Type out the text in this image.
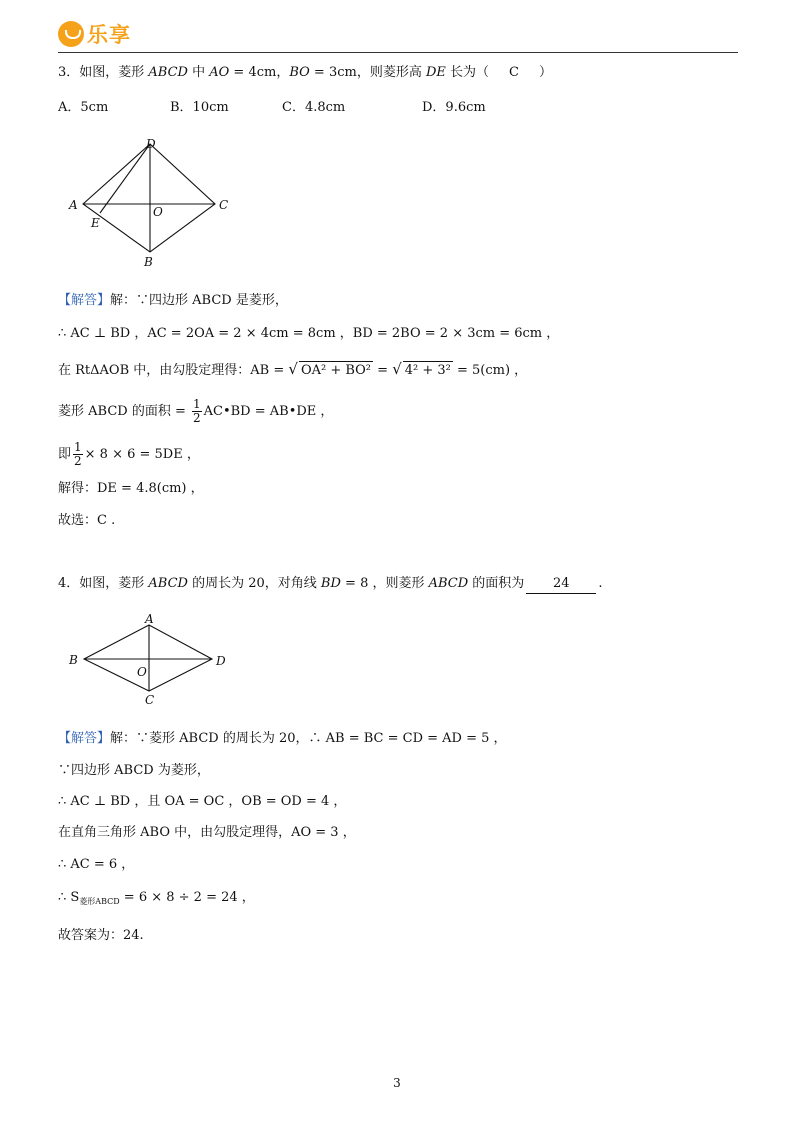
乐享
3．如图，菱形 ABCD 中 AO = 4cm，BO = 3cm，则菱形高 DE 长为（ C ）
A．5cm	B．10cm	C．4.8cm	D．9.6cm
D
A	C
E
O
B
【解答】解：∵四边形 ABCD 是菱形，
∴ AC ⊥ BD ，AC = 2OA = 2 × 4cm = 8cm ，BD = 2BO = 2 × 3cm = 6cm ，
在 RtΔAOB 中，由勾股定理得：AB = √ OA² + BO² = √ 4² + 3² = 5(cm) ，
菱形 ABCD 的面积 = $\frac{1}{2}$ AC•BD = AB•DE ，
即 $\frac{1}{2} \times 8 \times 6 = 5DE$ ，
解得：DE = 4.8(cm) ，
故选：C .
4．如图，菱形 ABCD 的周长为 20，对角线 BD = 8 ，则菱形 ABCD 的面积为 24 .
A
B	D
O
C
【解答】解：∵菱形 ABCD 的周长为 20，∴ AB = BC = CD = AD = 5 ，
∵四边形 ABCD 为菱形，
∴ AC ⊥ BD ，且 OA = OC ，OB = OD = 4 ，
在直角三角形 ABO 中，由勾股定理得，AO = 3 ，
∴ AC = 6 ，
∴ $S_{菱形ABCD} = 6 \times 8 \div 2 = 24$ ，
故答案为：24.
3
